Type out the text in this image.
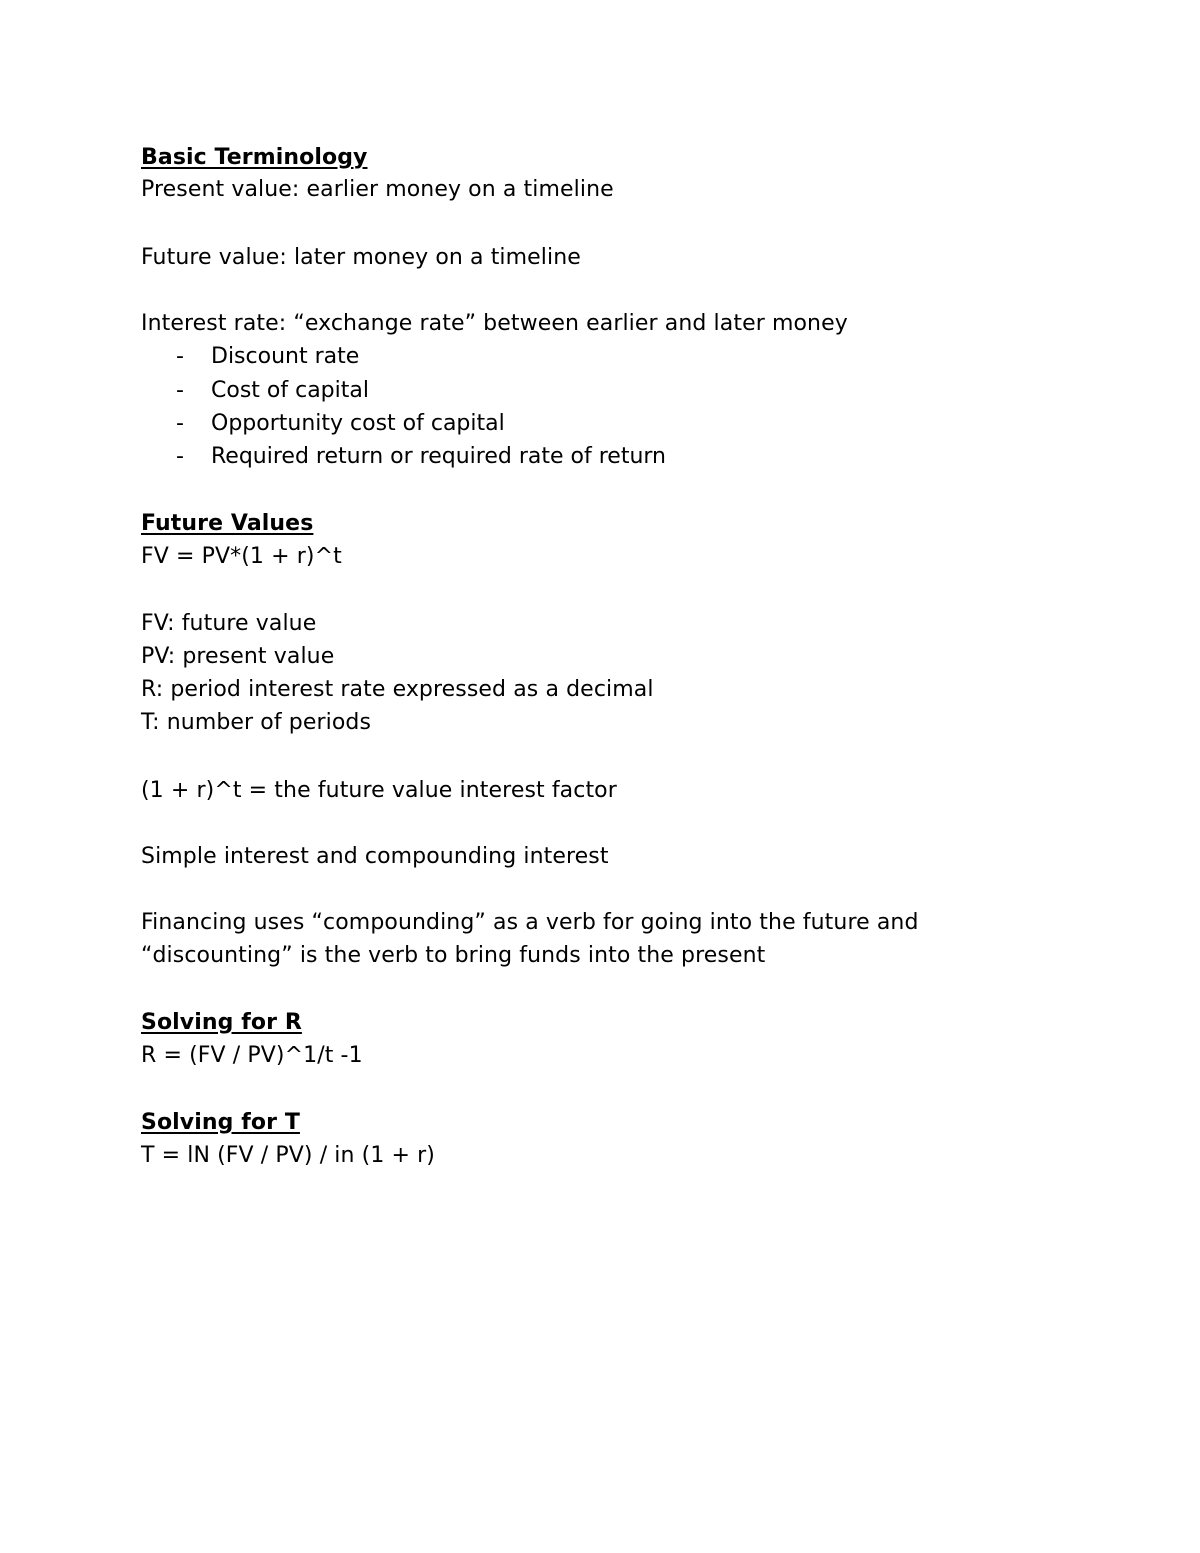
Basic Terminology
Present value: earlier money on a timeline
Future value: later money on a timeline
Interest rate: “exchange rate” between earlier and later money
- Discount rate
- Cost of capital
- Opportunity cost of capital
- Required return or required rate of return
Future Values
FV = PV*(1 + r)^t
FV: future value
PV: present value
R: period interest rate expressed as a decimal
T: number of periods
(1 + r)^t = the future value interest factor
Simple interest and compounding interest
Financing uses “compounding” as a verb for going into the future and
“discounting” is the verb to bring funds into the present
Solving for R
R = (FV / PV)^1/t -1
Solving for T
T = lN (FV / PV) / in (1 + r)
